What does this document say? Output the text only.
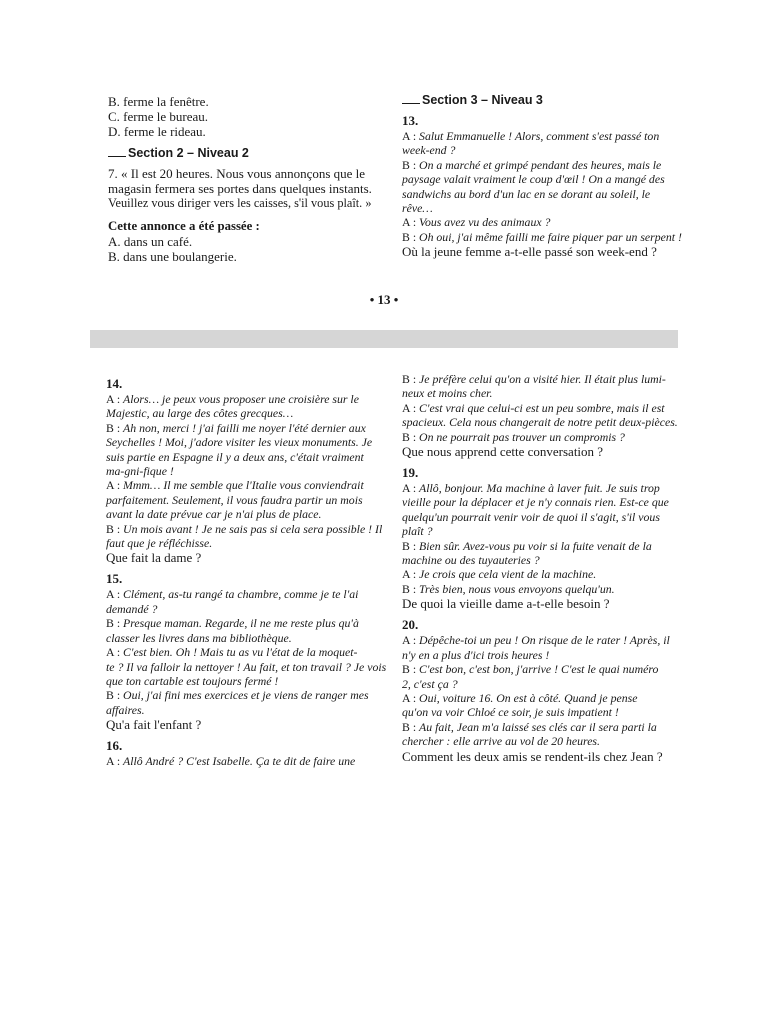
B. ferme la fenêtre.
C. ferme le bureau.
D. ferme le rideau.
Section 2 – Niveau 2
7. « Il est 20 heures. Nous vous annonçons que le
magasin fermera ses portes dans quelques instants.
Veuillez vous diriger vers les caisses, s'il vous plaît. »
Cette annonce a été passée :
A. dans un café.
B. dans une boulangerie.
Section 3 – Niveau 3
13.
A : Salut Emmanuelle ! Alors, comment s'est passé ton
week-end ?
B : On a marché et grimpé pendant des heures, mais le
paysage valait vraiment le coup d'œil ! On a mangé des
sandwichs au bord d'un lac en se dorant au soleil, le
rêve…
A : Vous avez vu des animaux ?
B : Oh oui, j'ai même failli me faire piquer par un serpent !
Où la jeune femme a-t-elle passé son week-end ?
• 13 •
14.
A : Alors… je peux vous proposer une croisière sur le
Majestic, au large des côtes grecques…
B : Ah non, merci ! j'ai failli me noyer l'été dernier aux
Seychelles ! Moi, j'adore visiter les vieux monuments. Je
suis partie en Espagne il y a deux ans, c'était vraiment
ma-gni-fique !
A : Mmm… Il me semble que l'Italie vous conviendrait
parfaitement. Seulement, il vous faudra partir un mois
avant la date prévue car je n'ai plus de place.
B : Un mois avant ! Je ne sais pas si cela sera possible ! Il
faut que je réfléchisse.
Que fait la dame ?
15.
A : Clément, as-tu rangé ta chambre, comme je te l'ai
demandé ?
B : Presque maman. Regarde, il ne me reste plus qu'à
classer les livres dans ma bibliothèque.
A : C'est bien. Oh ! Mais tu as vu l'état de la moquet-
te ? Il va falloir la nettoyer ! Au fait, et ton travail ? Je vois
que ton cartable est toujours fermé !
B : Oui, j'ai fini mes exercices et je viens de ranger mes
affaires.
Qu'a fait l'enfant ?
16.
A : Allô André ? C'est Isabelle. Ça te dit de faire une
B : Je préfère celui qu'on a visité hier. Il était plus lumi-
neux et moins cher.
A : C'est vrai que celui-ci est un peu sombre, mais il est
spacieux. Cela nous changerait de notre petit deux-pièces.
B : On ne pourrait pas trouver un compromis ?
Que nous apprend cette conversation ?
19.
A : Allô, bonjour. Ma machine à laver fuit. Je suis trop
vieille pour la déplacer et je n'y connais rien. Est-ce que
quelqu'un pourrait venir voir de quoi il s'agit, s'il vous
plaît ?
B : Bien sûr. Avez-vous pu voir si la fuite venait de la
machine ou des tuyauteries ?
A : Je crois que cela vient de la machine.
B : Très bien, nous vous envoyons quelqu'un.
De quoi la vieille dame a-t-elle besoin ?
20.
A : Dépêche-toi un peu ! On risque de le rater ! Après, il
n'y en a plus d'ici trois heures !
B : C'est bon, c'est bon, j'arrive ! C'est le quai numéro
2, c'est ça ?
A : Oui, voiture 16. On est à côté. Quand je pense
qu'on va voir Chloé ce soir, je suis impatient !
B : Au fait, Jean m'a laissé ses clés car il sera parti la
chercher : elle arrive au vol de 20 heures.
Comment les deux amis se rendent-ils chez Jean ?
